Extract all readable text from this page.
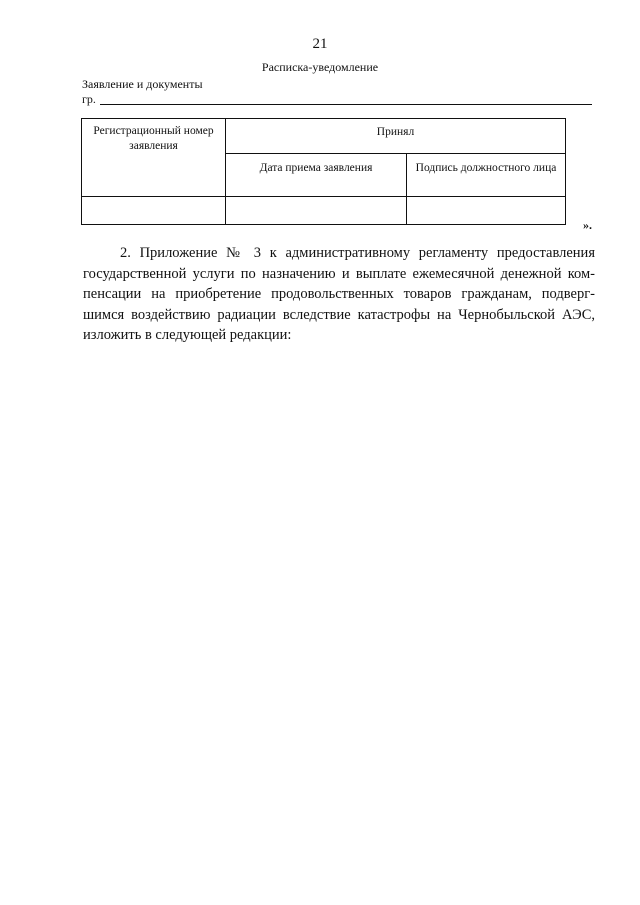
21
Расписка-уведомление
Заявление и документы
гр.
Регистрационный номер заявления	Принял	
	Дата приема заявления	Подпись должностного лица

».

2. Приложение № 3 к административному регламенту предоставления
государственной услуги по назначению и выплате ежемесячной денежной ком-
пенсации на приобретение продовольственных товаров гражданам, подверг-
шимся воздействию радиации вследствие катастрофы на Чернобыльской АЭС,
изложить в следующей редакции:
